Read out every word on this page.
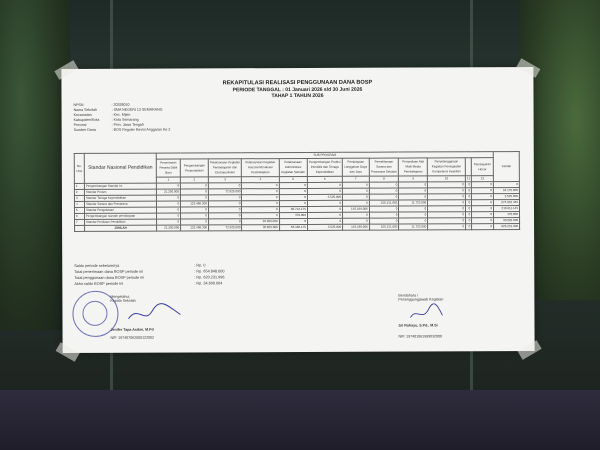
REKAPITULASI REALISASI PENGGUNAAN DANA BOSP
PERIODE TANGGAL : 01 Januari 2026 s/d 30 Juni 2026
TAHAP 1 TAHUN 2026
NPSN	: 20328010
Nama Sekolah	: SMA NEGERI 13 SEMARANG
Kecamatan	: Kec. Mijen
Kabupaten/Kota	: Kota Semarang
Provinsi	: Prov. Jawa Tengah
Sumber Dana	: BOS Reguler Revisi Anggaran Ke 2
No. Urut	Standar Nasional Pendidikan	SUB PROGRAM												Jumlah
		Penerimaan Peserta Didik Baru	Pengembangan Perpustakaan	Pelaksanaan Kegiatan Pembelajaran dan Ekstrakurikuler	Pelaksanaan Kegiatan Asesmen/Evaluasi Pembelajaran	Pelaksanaan Administrasi Kegiatan Sekolah	Pengembangan Profesi Pendidik dan Tenaga Kependidikan	Pembiayaan Langganan Daya dan Jasa	Pemeliharaan Sarana dan Prasarana Sekolah	Penyediaan Alat Multi Media Pembelajaran	Penyelenggaraan Kegiatan Peningkatan Kompetensi Keahlian		Pembayaran Honor	
		1	2	3	4	5	6	7	8	9	10	11	12	
1	Pengembangan Standar Isi	0	0	0	0	0	0	0	0	0	0	0	0	0
2	Standar Proses	21.250.000	0	72.925.000	0	0	0	0	0	0	0	0	0	94.175.000
3	Standar Tenaga Kependidikan	0	0	0	0	0	3.525.000	0	0	0	0	0	0	3.525.000
4	Standar Sarana dan Prasarana	0	123.486.300	0	0	0	0	0	150.131.083	11.723.000	0	0	0	274.932.463
5	Standar Pengelolaan	0	0	0	0	66.712.175	0	145.199.006	0	0	0	0	0	210.911.145
6	Pengembangan standar pembiayaan	0	0	0	0	470.000	0	0	0	0	0	0	0	470.000
7	Standar Penilaian Pendidikan	0	0	0	30.829.000	0	0	0	0	0	0	0	0	30.829.000
	JUMLAH	21.250.000	123.486.300	72.925.000	30.829.000	66.182.175	3.525.000	145.189.006	150.131.083	11.723.000	0	0	0	625.231.996
Saldo periode sebelumnya	: Rp. 0
Total penerimaan dana BOSP periode ini	: Rp. 654.848.000
Total penggunaan dana BOSP periode ini	: Rp. 620.231.996
Akhir saldo BOSP periode ini	: Rp. 34.600.004
Mengetahui,
Kepala Sekolah
Jenifer Tapa Asikin, M.Pd
NIP. 197407062000122002
Bendahara /
Penanggungjawab Kegiatan
Sri Rahayu, S.Pd., M.Si
NIP. 197401061999032000
